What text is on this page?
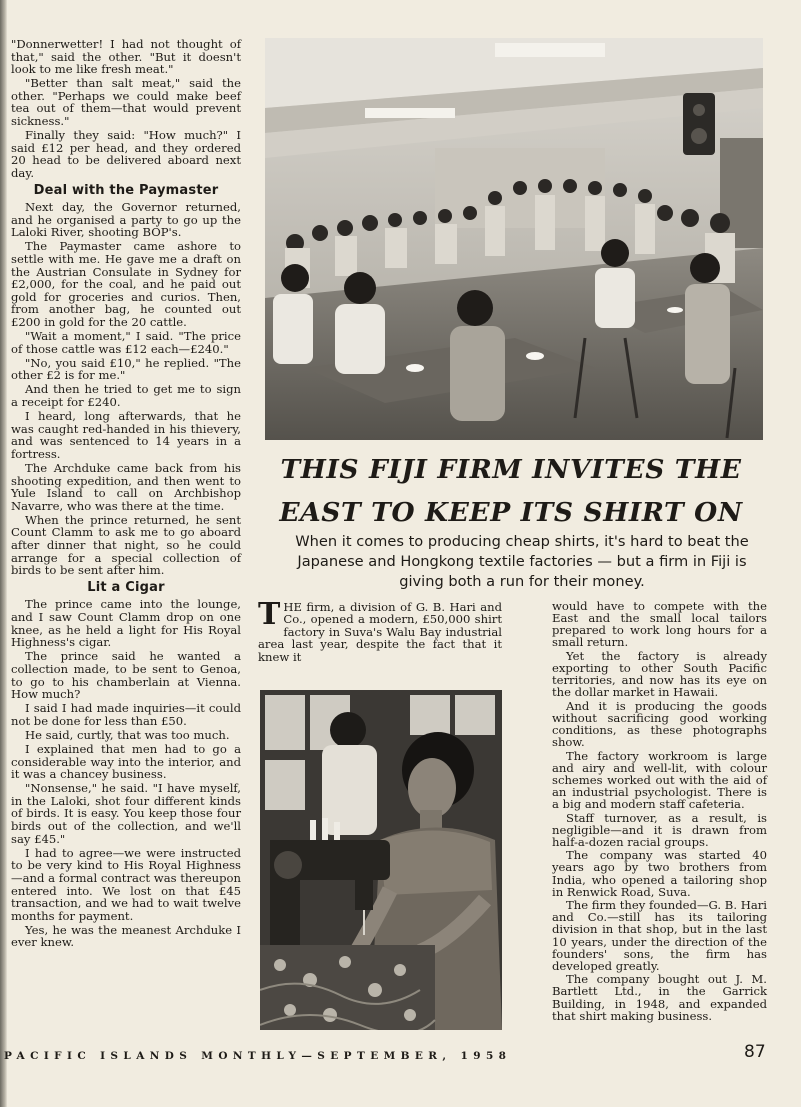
"Donnerwetter! I had not thought of that," said the other. "But it doesn't look to me like fresh meat."

"Better than salt meat," said the other. "Perhaps we could make beef tea out of them—that would prevent sickness."

Finally they said: "How much?" I said £12 per head, and they ordered 20 head to be delivered aboard next day.

Deal with the Paymaster

Next day, the Governor returned, and he organised a party to go up the Laloki River, shooting BOP's.

The Paymaster came ashore to settle with me. He gave me a draft on the Austrian Consulate in Sydney for £2,000, for the coal, and he paid out gold for groceries and curios. Then, from another bag, he counted out £200 in gold for the 20 cattle.

"Wait a moment," I said. "The price of those cattle was £12 each—£240."

"No, you said £10," he replied. "The other £2 is for me."

And then he tried to get me to sign a receipt for £240.

I heard, long afterwards, that he was caught red-handed in his thievery, and was sentenced to 14 years in a fortress.

The Archduke came back from his shooting expedition, and then went to Yule Island to call on Archbishop Navarre, who was there at the time.

When the prince returned, he sent Count Clamm to ask me to go aboard after dinner that night, so he could arrange for a special collection of birds to be sent after him.

Lit a Cigar

The prince came into the lounge, and I saw Count Clamm drop on one knee, as he held a light for His Royal Highness's cigar.

The prince said he wanted a collection made, to be sent to Genoa, to go to his chamberlain at Vienna. How much?

I said I had made inquiries—it could not be done for less than £50.

He said, curtly, that was too much.

I explained that men had to go a considerable way into the interior, and it was a chancey business.

"Nonsense," he said. "I have myself, in the Laloki, shot four different kinds of birds. It is easy. You keep those four birds out of the collection, and we'll say £45."

I had to agree—we were instructed to be very kind to His Royal Highness—and a formal contract was thereupon entered into. We lost on that £45 transaction, and we had to wait twelve months for payment.

Yes, he was the meanest Archduke I ever knew.

THIS FIJI FIRM INVITES THE
EAST TO KEEP ITS SHIRT ON
When it comes to producing cheap shirts, it's hard to beat the Japanese and Hongkong textile factories — but a firm in Fiji is giving both a run for their money.

THE firm, a division of G. B. Hari and Co., opened a modern, £50,000 shirt factory in Suva's Walu Bay industrial area last year, despite the fact that it knew it

would have to compete with the East and the small local tailors prepared to work long hours for a small return.

Yet the factory is already exporting to other South Pacific territories, and now has its eye on the dollar market in Hawaii.

And it is producing the goods without sacrificing good working conditions, as these photographs show.

The factory workroom is large and airy and well-lit, with colour schemes worked out with the aid of an industrial psychologist. There is a big and modern staff cafeteria.

Staff turnover, as a result, is negligible—and it is drawn from half-a-dozen racial groups.

The company was started 40 years ago by two brothers from India, who opened a tailoring shop in Renwick Road, Suva.

The firm they founded—G. B. Hari and Co.—still has its tailoring division in that shop, but in the last 10 years, under the direction of the founders' sons, the firm has developed greatly.

The company bought out J. M. Bartlett Ltd., in the Garrick Building, in 1948, and expanded that shirt making business.

PACIFIC ISLANDS MONTHLY—SEPTEMBER, 1958	87
